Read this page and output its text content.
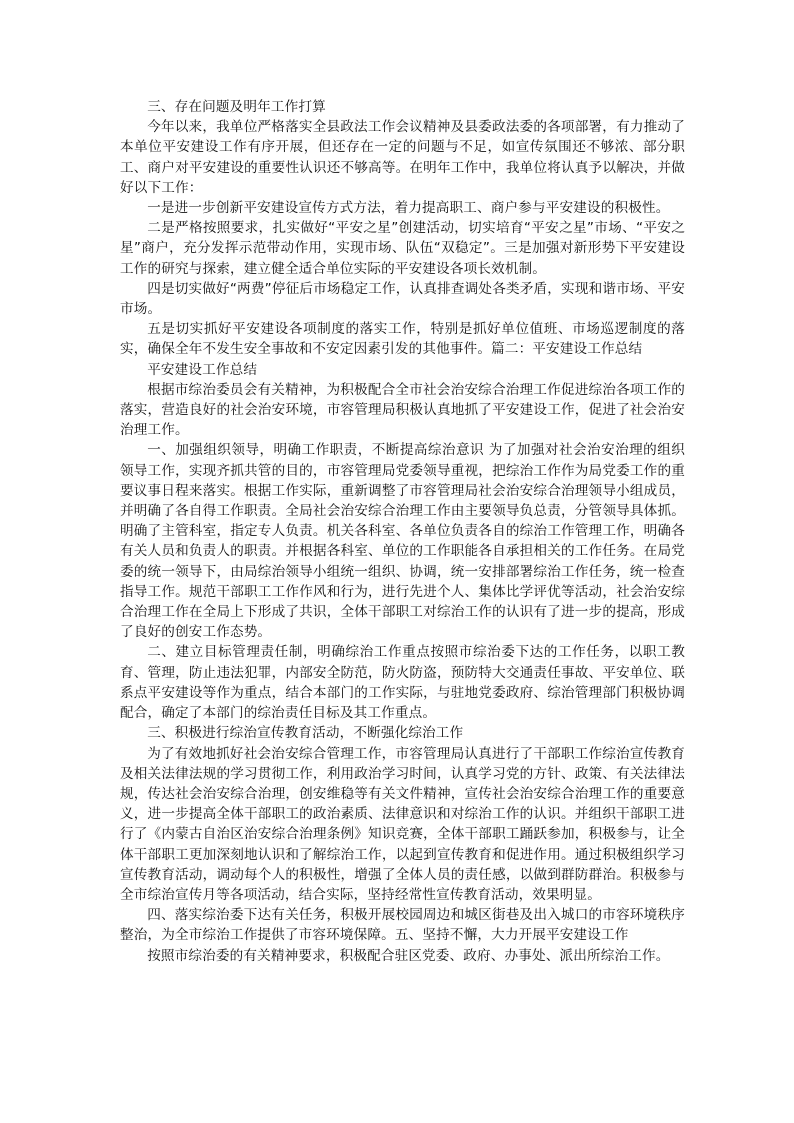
三、存在问题及明年工作打算

今年以来，我单位严格落实全县政法工作会议精神及县委政法委的各项部署，有力推动了本单位平安建设工作有序开展，但还存在一定的问题与不足，如宣传氛围还不够浓、部分职工、商户对平安建设的重要性认识还不够高等。在明年工作中，我单位将认真予以解决，并做好以下工作：

一是进一步创新平安建设宣传方式方法，着力提高职工、商户参与平安建设的积极性。

二是严格按照要求，扎实做好“平安之星”创建活动，切实培育“平安之星”市场、“平安之星”商户，充分发挥示范带动作用，实现市场、队伍“双稳定”。三是加强对新形势下平安建设工作的研究与探索，建立健全适合单位实际的平安建设各项长效机制。

四是切实做好“两费”停征后市场稳定工作，认真排查调处各类矛盾，实现和谐市场、平安市场。

五是切实抓好平安建设各项制度的落实工作，特别是抓好单位值班、市场巡逻制度的落实，确保全年不发生安全事故和不安定因素引发的其他事件。篇二：平安建设工作总结

平安建设工作总结

根据市综治委员会有关精神，为积极配合全市社会治安综合治理工作促进综治各项工作的落实，营造良好的社会治安环境，市容管理局积极认真地抓了平安建设工作，促进了社会治安治理工作。

一、加强组织领导，明确工作职责，不断提高综治意识 为了加强对社会治安治理的组织领导工作，实现齐抓共管的目的，市容管理局党委领导重视，把综治工作作为局党委工作的重要议事日程来落实。根据工作实际，重新调整了市容管理局社会治安综合治理领导小组成员，并明确了各自得工作职责。全局社会治安综合治理工作由主要领导负总责，分管领导具体抓。明确了主管科室，指定专人负责。机关各科室、各单位负责各自的综治工作管理工作，明确各有关人员和负责人的职责。并根据各科室、单位的工作职能各自承担相关的工作任务。在局党委的统一领导下，由局综治领导小组统一组织、协调，统一安排部署综治工作任务，统一检查指导工作。规范干部职工工作作风和行为，进行先进个人、集体比学评优等活动，社会治安综合治理工作在全局上下形成了共识，全体干部职工对综治工作的认识有了进一步的提高，形成了良好的创安工作态势。

二、建立目标管理责任制，明确综治工作重点按照市综治委下达的工作任务，以职工教育、管理，防止违法犯罪，内部安全防范，防火防盗，预防特大交通责任事故、平安单位、联系点平安建设等作为重点，结合本部门的工作实际，与驻地党委政府、综治管理部门积极协调配合，确定了本部门的综治责任目标及其工作重点。

三、积极进行综治宣传教育活动，不断强化综治工作

为了有效地抓好社会治安综合管理工作，市容管理局认真进行了干部职工作综治宣传教育及相关法律法规的学习贯彻工作，利用政治学习时间，认真学习党的方针、政策、有关法律法规，传达社会治安综合治理，创安维稳等有关文件精神，宣传社会治安综合治理工作的重要意义，进一步提高全体干部职工的政治素质、法律意识和对综治工作的认识。并组织干部职工进行了《内蒙古自治区治安综合治理条例》知识竞赛，全体干部职工踊跃参加，积极参与，让全体干部职工更加深刻地认识和了解综治工作，以起到宣传教育和促进作用。通过积极组织学习宣传教育活动，调动每个人的积极性，增强了全体人员的责任感，以做到群防群治。积极参与全市综治宣传月等各项活动，结合实际，坚持经常性宣传教育活动，效果明显。

四、落实综治委下达有关任务，积极开展校园周边和城区街巷及出入城口的市容环境秩序整治，为全市综治工作提供了市容环境保障。五、坚持不懈，大力开展平安建设工作

按照市综治委的有关精神要求，积极配合驻区党委、政府、办事处、派出所综治工作。
